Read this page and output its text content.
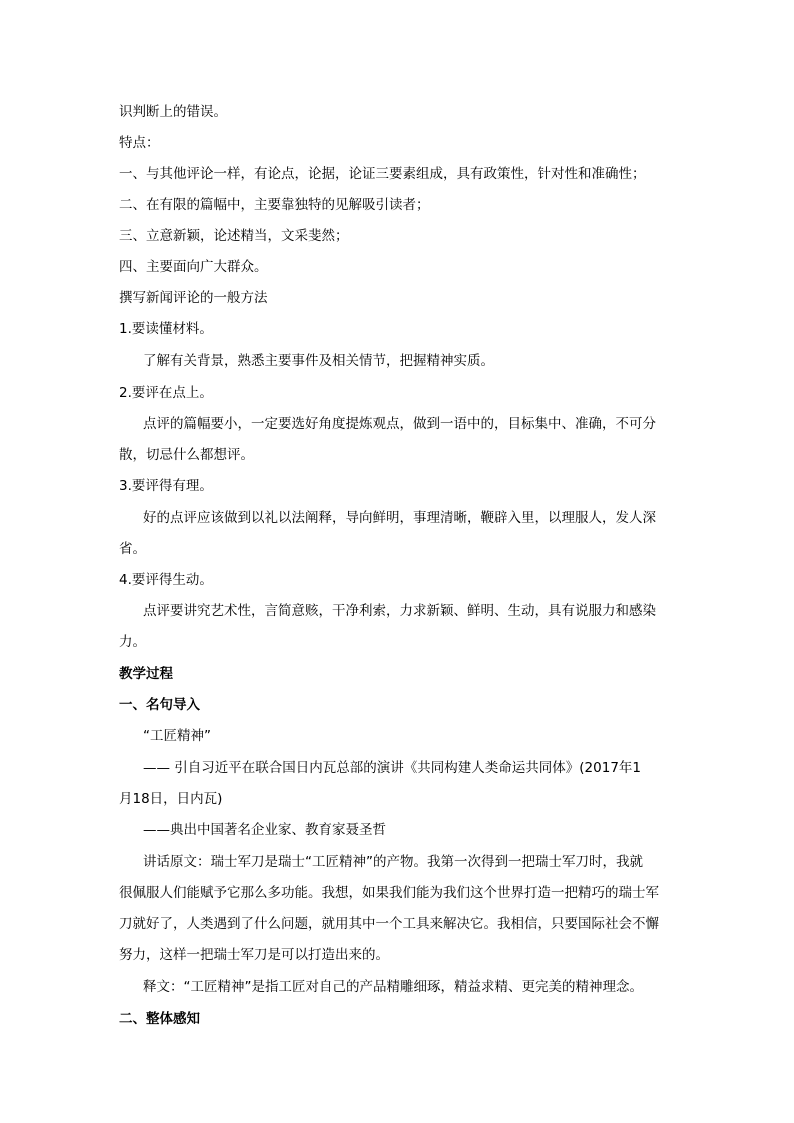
识判断上的错误。
特点：
一、与其他评论一样，有论点，论据，论证三要素组成，具有政策性，针对性和准确性；
二、在有限的篇幅中，主要靠独特的见解吸引读者；
三、立意新颖，论述精当，文采斐然；
四、主要面向广大群众。
撰写新闻评论的一般方法
1.要读懂材料。
了解有关背景，熟悉主要事件及相关情节，把握精神实质。
2.要评在点上。
点评的篇幅要小，一定要选好角度提炼观点，做到一语中的，目标集中、准确，不可分
散，切忌什么都想评。
3.要评得有理。
好的点评应该做到以礼以法阐释，导向鲜明，事理清晰，鞭辟入里，以理服人，发人深
省。
4.要评得生动。
点评要讲究艺术性，言简意赅，干净利索，力求新颖、鲜明、生动，具有说服力和感染
力。
教学过程
一、名句导入
“工匠精神”
—— 引自习近平在联合国日内瓦总部的演讲《共同构建人类命运共同体》(2017年1
月18日，日内瓦)
——典出中国著名企业家、教育家聂圣哲
讲话原文：瑞士军刀是瑞士“工匠精神”的产物。我第一次得到一把瑞士军刀时，我就
很佩服人们能赋予它那么多功能。我想，如果我们能为我们这个世界打造一把精巧的瑞士军
刀就好了，人类遇到了什么问题，就用其中一个工具来解决它。我相信，只要国际社会不懈
努力，这样一把瑞士军刀是可以打造出来的。
释文：“工匠精神”是指工匠对自己的产品精雕细琢，精益求精、更完美的精神理念。
二、整体感知
